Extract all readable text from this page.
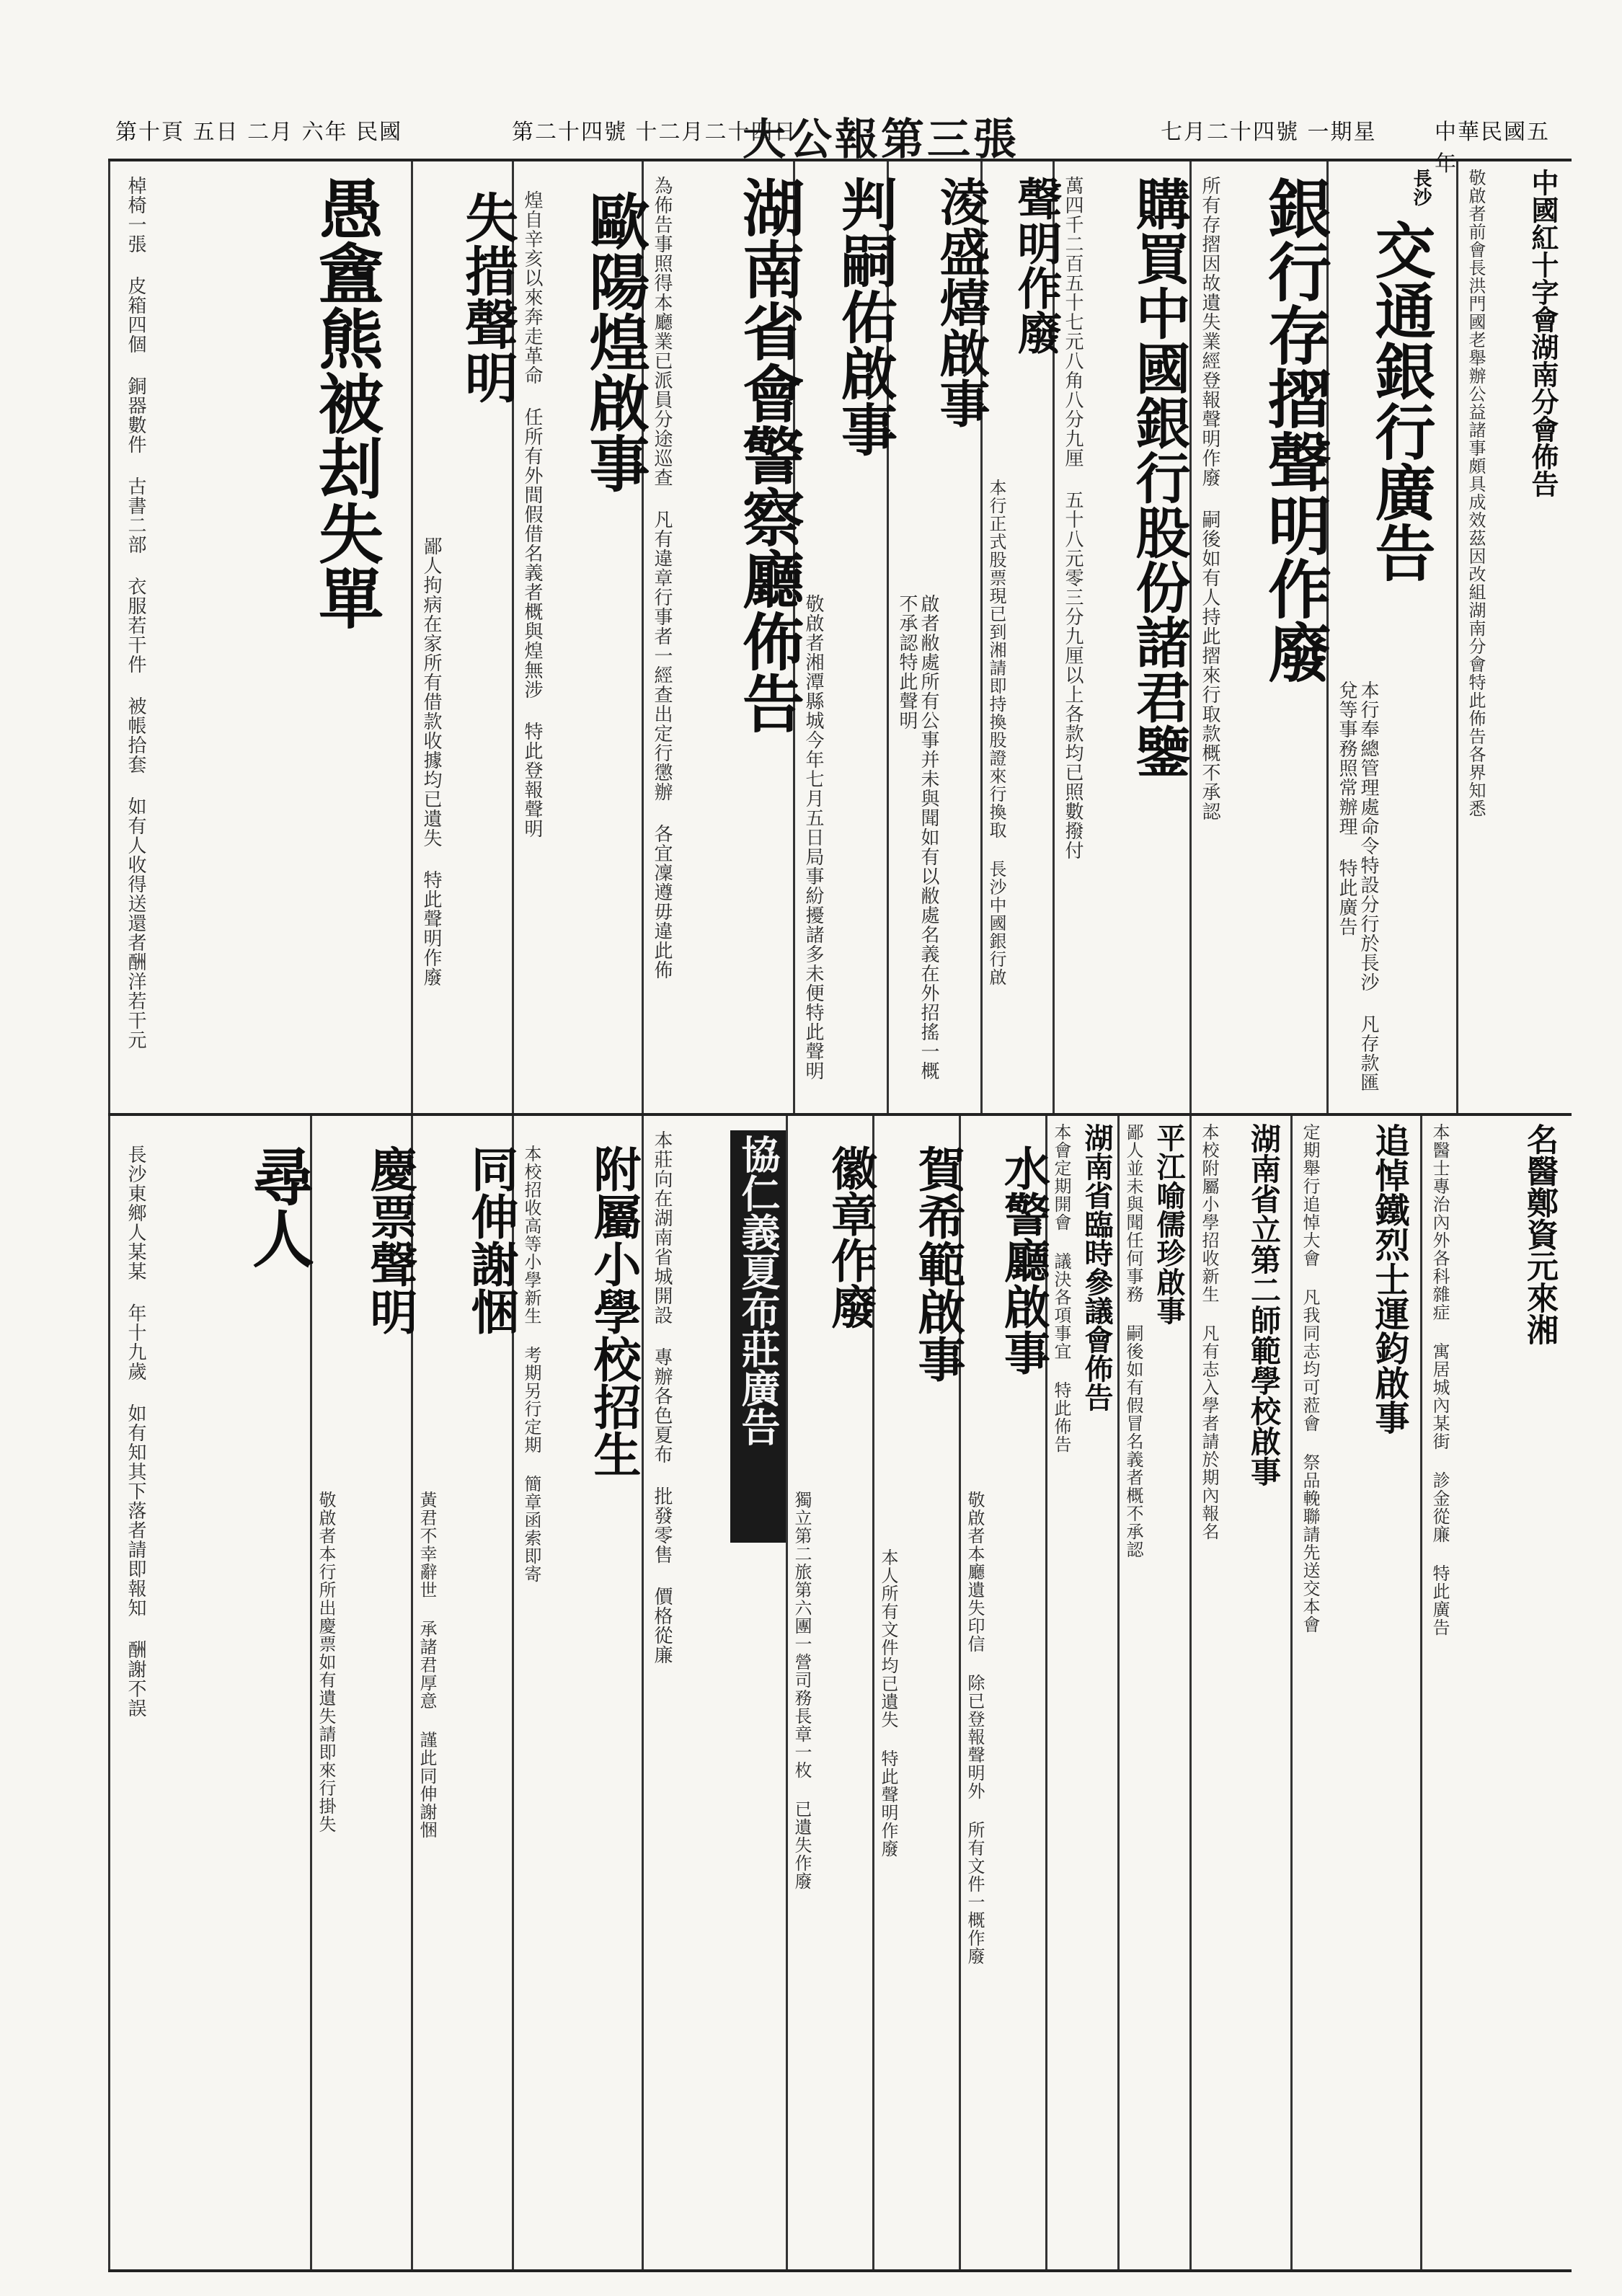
第十頁 五日 二月 六年 民國	第二十四號 十二月二十四日
大公報第三張	七月二十四號 一期星	中華民國五年
中國紅十字會湖南分會佈告
敬啟者前會長洪門國老舉辦公益諸事頗具成效茲因改組湖南分會特此佈告各界知悉
長沙
交通銀行廣告
本行奉總管理處命令特設分行於長沙 凡存款匯兌等事務照常辦理 特此廣告
銀行存摺聲明作廢
所有存摺因故遺失業經登報聲明作廢 嗣後如有人持此摺來行取款概不承認
購買中國銀行股份諸君鑒
萬四千二百五十七元八角八分九厘 五十八元零三分九厘以上各款均已照數撥付
聲明作廢
本行正式股票現已到湘請即持換股證來行換取 長沙中國銀行啟
淩盛熺啟事
啟者敝處所有公事并未與聞如有以敝處名義在外招搖一概不承認特此聲明
判嗣佑啟事
敬啟者湘潭縣城今年七月五日局事紛擾諸多未便特此聲明
湖南省會警察廳佈告
為佈告事照得本廳業已派員分途巡查 凡有違章行事者一經查出定行懲辦 各宜凜遵毋違此佈
歐陽煌啟事
煌自辛亥以來奔走革命 任所有外間假借名義者概與煌無涉 特此登報聲明
失措聲明
鄙人拘病在家所有借款收據均已遺失 特此聲明作廢
愚盦熊被刦失單
棹椅一張 皮箱四個 銅器數件 古書二部 衣服若干件 被帳拾套 如有人收得送還者酬洋若干元
名醫鄭資元來湘
本醫士專治內外各科雜症 寓居城內某街 診金從廉 特此廣告
追悼鐵烈士運鈞啟事
定期舉行追悼大會 凡我同志均可蒞會 祭品輓聯請先送交本會
湖南省立第二師範學校啟事
本校附屬小學招收新生 凡有志入學者請於期內報名
平江喻儒珍啟事
鄙人並未與聞任何事務 嗣後如有假冒名義者概不承認
湖南省臨時參議會佈告
本會定期開會 議決各項事宜 特此佈告
水警廳啟事
敬啟者本廳遺失印信 除已登報聲明外 所有文件一概作廢
賀希範啟事
本人所有文件均已遺失 特此聲明作廢
徽章作廢
獨立第二旅第六團一營司務長章一枚 已遺失作廢
協仁義夏布莊廣告
本莊向在湖南省城開設 專辦各色夏布 批發零售 價格從廉
附屬小學校招生
本校招收高等小學新生 考期另行定期 簡章函索即寄
同伸謝悃
黃君不幸辭世 承諸君厚意 謹此同伸謝悃
慶票聲明
敬啟者本行所出慶票如有遺失請即來行掛失
尋人
長沙東鄉人某某 年十九歲 如有知其下落者請即報知 酬謝不誤
